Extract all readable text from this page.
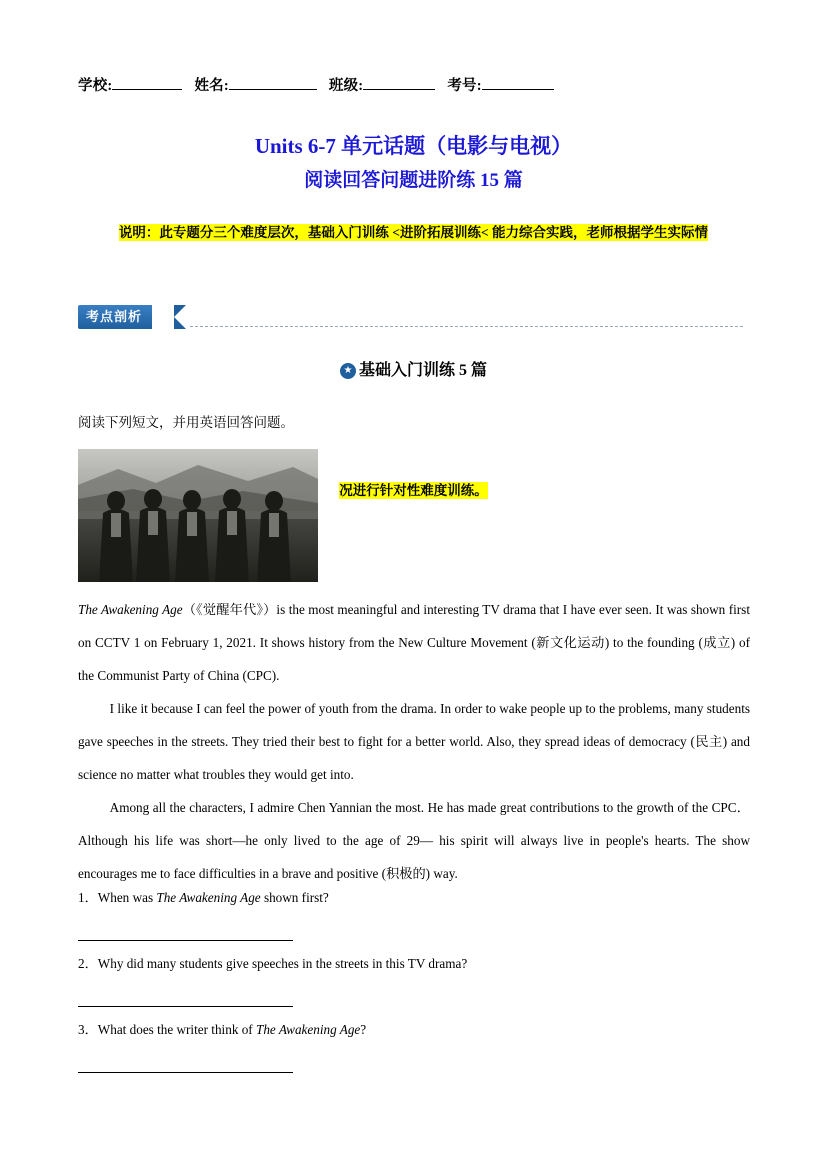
学校:	姓名:	班级:	考号:
Units 6-7 单元话题（电影与电视）
阅读回答问题进阶练 15 篇
说明：此专题分三个难度层次，基础入门训练 <进阶拓展训练< 能力综合实践，老师根据学生实际情
况进行针对性难度训练。
考点剖析
★ 基础入门训练 5 篇
阅读下列短文，并用英语回答问题。

The Awakening Age（《觉醒年代》）is the most meaningful and interesting TV drama that I have ever seen. It was shown first on CCTV 1 on February 1, 2021. It shows history from the New Culture Movement (新文化运动) to the founding (成立) of the Communist Party of China (CPC).

I like it because I can feel the power of youth from the drama. In order to wake people up to the problems, many students gave speeches in the streets. They tried their best to fight for a better world. Also, they spread ideas of democracy (民主) and science no matter what troubles they would get into.

Among all the characters, I admire Chen Yannian the most. He has made great contributions to the growth of the CPC． Although his life was short—he only lived to the age of 29— his spirit will always live in people's hearts. The show encourages me to face difficulties in a brave and positive (积极的) way.

1．When was The Awakening Age shown first?
2．Why did many students give speeches in the streets in this TV drama?
3．What does the writer think of The Awakening Age?
